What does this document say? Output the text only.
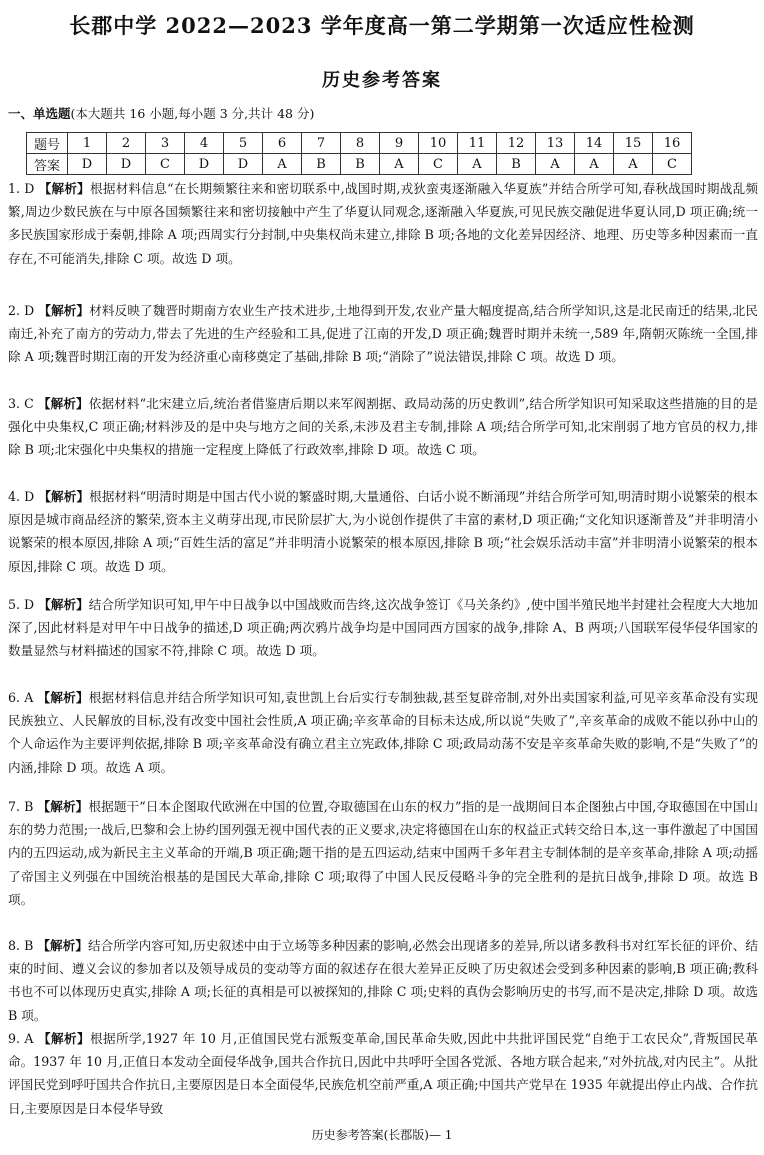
长郡中学 2022—2023 学年度高一第二学期第一次适应性检测
历史参考答案
一、单选题(本大题共 16 小题,每小题 3 分,共计 48 分)
题号	1	2	3	4	5	6	7	8	9	10	11	12	13	14	15	16
答案	D	D	C	D	D	A	B	B	A	C	A	B	A	A	A	C
1. D 【解析】根据材料信息“在长期频繁往来和密切联系中,战国时期,戎狄蛮夷逐渐融入华夏族”并结合所学可知,春秋战国时期战乱频繁,周边少数民族在与中原各国频繁往来和密切接触中产生了华夏认同观念,逐渐融入华夏族,可见民族交融促进华夏认同,D 项正确;统一多民族国家形成于秦朝,排除 A 项;西周实行分封制,中央集权尚未建立,排除 B 项;各地的文化差异因经济、地理、历史等多种因素而一直存在,不可能消失,排除 C 项。故选 D 项。
2. D 【解析】材料反映了魏晋时期南方农业生产技术进步,土地得到开发,农业产量大幅度提高,结合所学知识,这是北民南迁的结果,北民南迁,补充了南方的劳动力,带去了先进的生产经验和工具,促进了江南的开发,D 项正确;魏晋时期并未统一,589 年,隋朝灭陈统一全国,排除 A 项;魏晋时期江南的开发为经济重心南移奠定了基础,排除 B 项;“消除了”说法错误,排除 C 项。故选 D 项。
3. C 【解析】依据材料“北宋建立后,统治者借鉴唐后期以来军阀割据、政局动荡的历史教训”,结合所学知识可知采取这些措施的目的是强化中央集权,C 项正确;材料涉及的是中央与地方之间的关系,未涉及君主专制,排除 A 项;结合所学可知,北宋削弱了地方官员的权力,排除 B 项;北宋强化中央集权的措施一定程度上降低了行政效率,排除 D 项。故选 C 项。
4. D 【解析】根据材料“明清时期是中国古代小说的繁盛时期,大量通俗、白话小说不断涌现”并结合所学可知,明清时期小说繁荣的根本原因是城市商品经济的繁荣,资本主义萌芽出现,市民阶层扩大,为小说创作提供了丰富的素材,D 项正确;“文化知识逐渐普及”并非明清小说繁荣的根本原因,排除 A 项;“百姓生活的富足”并非明清小说繁荣的根本原因,排除 B 项;“社会娱乐活动丰富”并非明清小说繁荣的根本原因,排除 C 项。故选 D 项。
5. D 【解析】结合所学知识可知,甲午中日战争以中国战败而告终,这次战争签订《马关条约》,使中国半殖民地半封建社会程度大大地加深了,因此材料是对甲午中日战争的描述,D 项正确;两次鸦片战争均是中国同西方国家的战争,排除 A、B 两项;八国联军侵华侵华国家的数量显然与材料描述的国家不符,排除 C 项。故选 D 项。
6. A 【解析】根据材料信息并结合所学知识可知,袁世凯上台后实行专制独裁,甚至复辟帝制,对外出卖国家利益,可见辛亥革命没有实现民族独立、人民解放的目标,没有改变中国社会性质,A 项正确;辛亥革命的目标未达成,所以说“失败了”,辛亥革命的成败不能以孙中山的个人命运作为主要评判依据,排除 B 项;辛亥革命没有确立君主立宪政体,排除 C 项;政局动荡不安是辛亥革命失败的影响,不是“失败了”的内涵,排除 D 项。故选 A 项。
7. B 【解析】根据题干“日本企图取代欧洲在中国的位置,夺取德国在山东的权力”指的是一战期间日本企图独占中国,夺取德国在中国山东的势力范围;一战后,巴黎和会上协约国列强无视中国代表的正义要求,决定将德国在山东的权益正式转交给日本,这一事件激起了中国国内的五四运动,成为新民主主义革命的开端,B 项正确;题干指的是五四运动,结束中国两千多年君主专制体制的是辛亥革命,排除 A 项;动摇了帝国主义列强在中国统治根基的是国民大革命,排除 C 项;取得了中国人民反侵略斗争的完全胜利的是抗日战争,排除 D 项。故选 B 项。
8. B 【解析】结合所学内容可知,历史叙述中由于立场等多种因素的影响,必然会出现诸多的差异,所以诸多教科书对红军长征的评价、结束的时间、遵义会议的参加者以及领导成员的变动等方面的叙述存在很大差异正反映了历史叙述会受到多种因素的影响,B 项正确;教科书也不可以体现历史真实,排除 A 项;长征的真相是可以被探知的,排除 C 项;史料的真伪会影响历史的书写,而不是决定,排除 D 项。故选 B 项。
9. A 【解析】根据所学,1927 年 10 月,正值国民党右派叛变革命,国民革命失败,因此中共批评国民党“自绝于工农民众”,背叛国民革命。1937 年 10 月,正值日本发动全面侵华战争,国共合作抗日,因此中共呼吁全国各党派、各地方联合起来,“对外抗战,对内民主”。从批评国民党到呼吁国共合作抗日,主要原因是日本全面侵华,民族危机空前严重,A 项正确;中国共产党早在 1935 年就提出停止内战、合作抗日,主要原因是日本侵华导致
历史参考答案(长郡版)— 1
